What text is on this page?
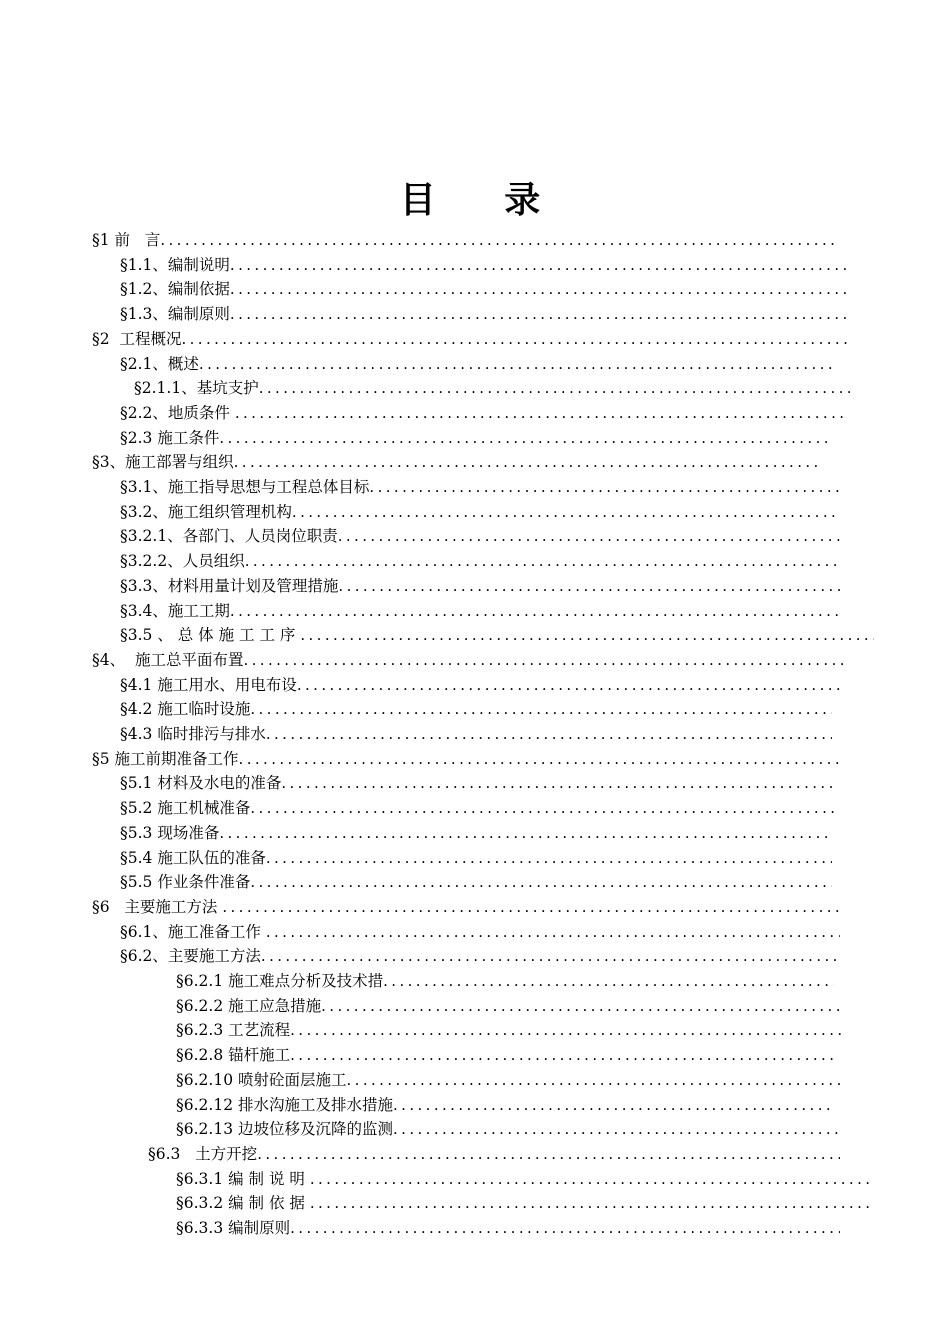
目 录
§1 前   言
.....
§1.1、编制说明
.....
§1.2、编制依据
.....
§1.3、编制原则
.....
§2  工程概况
.....
§2.1、概述
.....
§2.1.1、基坑支护
.....
§2.2、地质条件
.....
§2.3 施工条件
.....
§3、施工部署与组织
.....
§3.1、施工指导思想与工程总体目标
.....
§3.2、施工组织管理机构
.....
§3.2.1、各部门、人员岗位职责
.....
§3.2.2、人员组织
.....
§3.3、材料用量计划及管理措施
.....
§3.4、施工工期
.....
§3.5 、 总 体 施 工 工 序
.....
§4、  施工总平面布置
.....
§4.1 施工用水、用电布设
.....
§4.2 施工临时设施
.....
§4.3 临时排污与排水
.....
§5 施工前期准备工作
.....
§5.1 材料及水电的准备
.....
§5.2 施工机械准备
.....
§5.3 现场准备
.....
§5.4 施工队伍的准备
.....
§5.5 作业条件准备
.....
§6   主要施工方法
.....
§6.1、施工准备工作
.....
§6.2、主要施工方法
.....
§6.2.1 施工难点分析及技术措
.....
§6.2.2 施工应急措施
.....
§6.2.3 工艺流程
.....
§6.2.8 锚杆施工
.....
§6.2.10 喷射砼面层施工
.....
§6.2.12 排水沟施工及排水措施
.....
§6.2.13 边坡位移及沉降的监测
.....
§6.3   土方开挖
.....
§6.3.1 编 制 说 明
.....
§6.3.2 编 制 依 据
.....
§6.3.3 编制原则
.....
